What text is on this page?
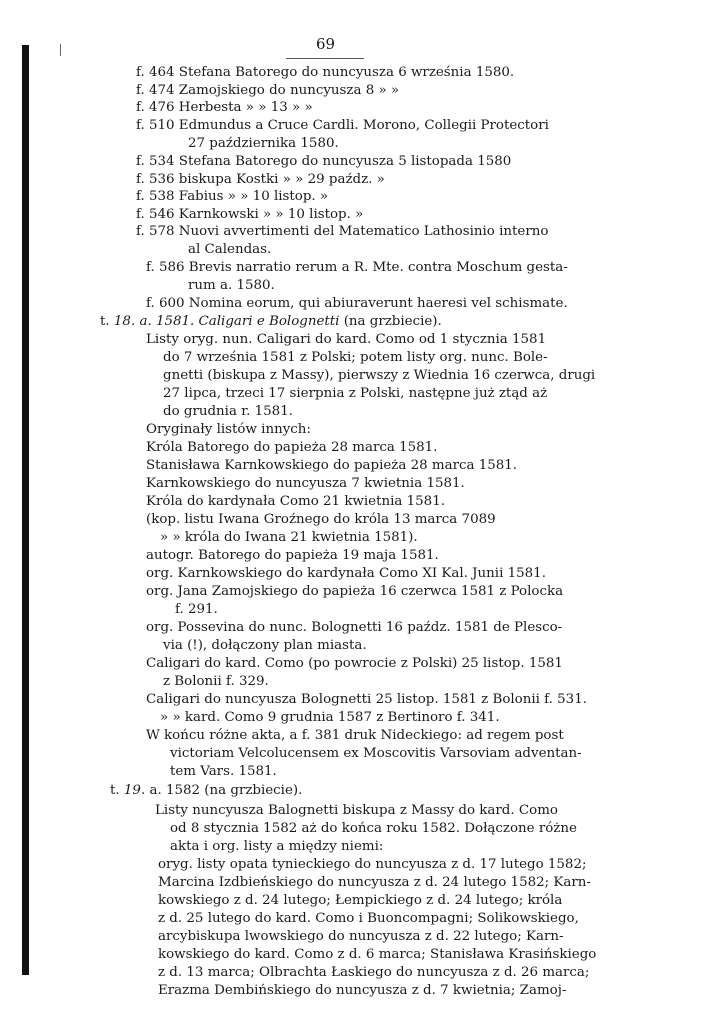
69
f. 464 Stefana Batorego do nuncyusza 6 września 1580.
f. 474 Zamojskiego do nuncyusza 8 » »
f. 476 Herbesta » » 13 » »
f. 510 Edmundus a Cruce Cardli. Morono, Collegii Protectori
27 października 1580.
f. 534 Stefana Batorego do nuncyusza 5 listopada 1580
f. 536 biskupa Kostki » » 29 paźdz. »
f. 538 Fabius » » 10 listop. »
f. 546 Karnkowski » » 10 listop. »
f. 578 Nuovi avvertimenti del Matematico Lathosinio interno
al Calendas.
f. 586 Brevis narratio rerum a R. Mte. contra Moschum gesta-
rum a. 1580.
f. 600 Nomina eorum, qui abiuraverunt haeresi vel schismate.
t. 18. a. 1581. Caligari e Bolognetti (na grzbiecie).
Listy oryg. nun. Caligari do kard. Como od 1 stycznia 1581
do 7 września 1581 z Polski; potem listy org. nunc. Bole-
gnetti (biskupa z Massy), pierwszy z Wiednia 16 czerwca, drugi
27 lipca, trzeci 17 sierpnia z Polski, następne już ztąd aż
do grudnia r. 1581.
Oryginały listów innych:
Króla Batorego do papieża 28 marca 1581.
Stanisława Karnkowskiego do papieża 28 marca 1581.
Karnkowskiego do nuncyusza 7 kwietnia 1581.
Króla do kardynała Como 21 kwietnia 1581.
(kop. listu Iwana Groźnego do króla 13 marca 7089
» » króla do Iwana 21 kwietnia 1581).
autogr. Batorego do papieża 19 maja 1581.
org. Karnkowskiego do kardynała Como XI Kal. Junii 1581.
org. Jana Zamojskiego do papieża 16 czerwca 1581 z Polocka
f. 291.
org. Possevina do nunc. Bolognetti 16 paźdz. 1581 de Plesco-
via (!), dołączony plan miasta.
Caligari do kard. Como (po powrocie z Polski) 25 listop. 1581
z Bolonii f. 329.
Caligari do nuncyusza Bolognetti 25 listop. 1581 z Bolonii f. 531.
» » kard. Como 9 grudnia 1587 z Bertinoro f. 341.
W końcu różne akta, a f. 381 druk Nideckiego: ad regem post
victoriam Velcolucensem ex Moscovitis Varsoviam adventan-
tem Vars. 1581.
t. 19. a. 1582 (na grzbiecie).
Listy nuncyusza Balognetti biskupa z Massy do kard. Como
od 8 stycznia 1582 aż do końca roku 1582. Dołączone różne
akta i org. listy a między niemi:
oryg. listy opata tynieckiego do nuncyusza z d. 17 lutego 1582;
Marcina Izdbieńskiego do nuncyusza z d. 24 lutego 1582; Karn-
kowskiego z d. 24 lutego; Łempickiego z d. 24 lutego; króla
z d. 25 lutego do kard. Como i Buoncompagni; Solikowskiego,
arcybiskupa lwowskiego do nuncyusza z d. 22 lutego; Karn-
kowskiego do kard. Como z d. 6 marca; Stanisława Krasińskiego
z d. 13 marca; Olbrachta Łaskiego do nuncyusza z d. 26 marca;
Erazma Dembińskiego do nuncyusza z d. 7 kwietnia; Zamoj-
